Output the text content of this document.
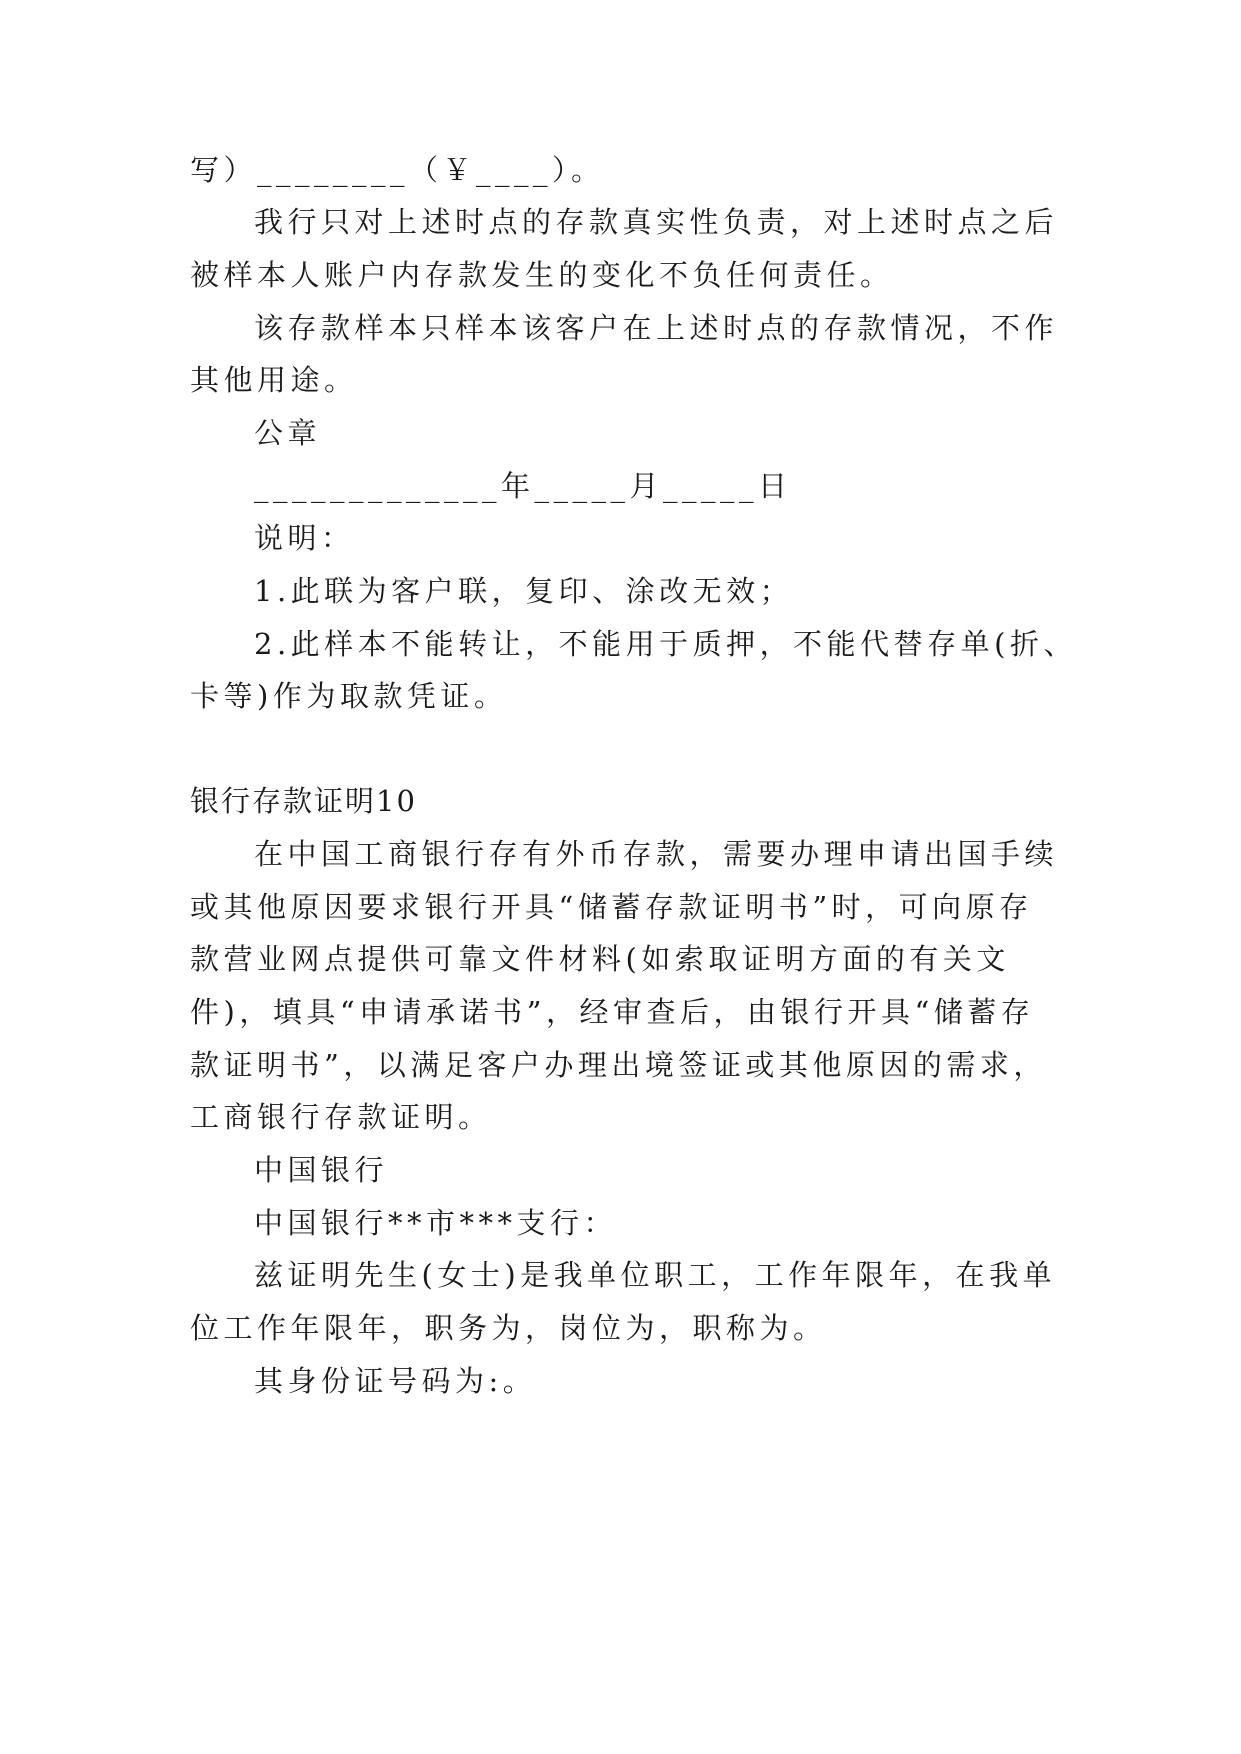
写）________（￥____）。
我行只对上述时点的存款真实性负责，对上述时点之后
被样本人账户内存款发生的变化不负任何责任。
该存款样本只样本该客户在上述时点的存款情况，不作
其他用途。
公章
_____________年_____月_____日
说明：
1.此联为客户联，复印、涂改无效；
2.此样本不能转让，不能用于质押，不能代替存单(折、
卡等)作为取款凭证。
银行存款证明10
在中国工商银行存有外币存款，需要办理申请出国手续
或其他原因要求银行开具“储蓄存款证明书”时，可向原存
款营业网点提供可靠文件材料(如索取证明方面的有关文
件)，填具“申请承诺书”，经审查后，由银行开具“储蓄存
款证明书”，以满足客户办理出境签证或其他原因的需求，
工商银行存款证明。
中国银行
中国银行**市***支行：
兹证明先生(女士)是我单位职工，工作年限年，在我单
位工作年限年，职务为，岗位为，职称为。
其身份证号码为:。
